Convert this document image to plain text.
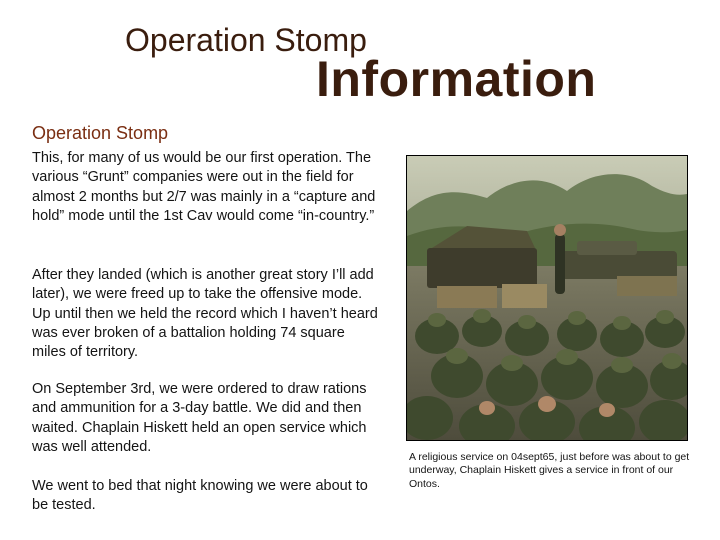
Operation Stomp
Information
Operation Stomp

This, for many of us would be our first operation. The various “Grunt” companies were out in the field for almost 2 months but 2/7 was mainly in a “capture and hold” mode until the 1st Cav would come “in-country.”

After they landed (which is another great story I’ll add later), we were freed up to take the offensive mode. Up until then we held the record which I haven’t heard was ever broken of a battalion holding 74 square miles of territory.

On September 3rd, we were ordered to draw rations and ammunition for a 3-day battle. We did and then waited. Chaplain Hiskett held an open service which was well attended.

We went to bed that night knowing we were about to be tested.

A religious service on 04sept65, just before was about to get underway, Chaplain Hiskett gives a service in front of our Ontos.
